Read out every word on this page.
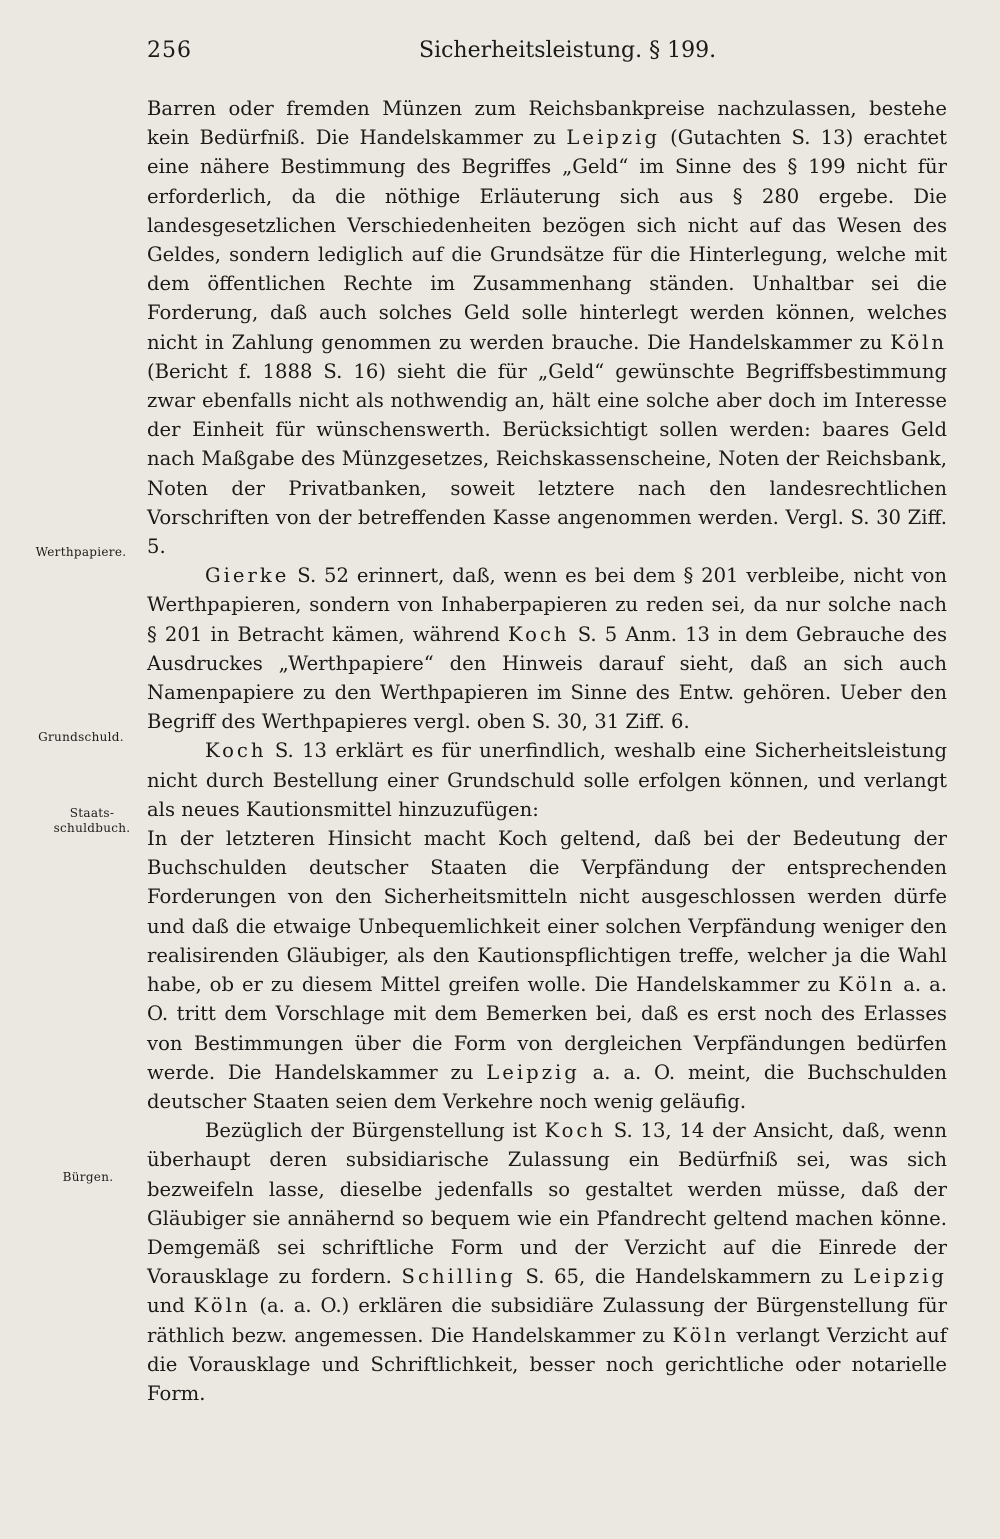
256	Sicherheitsleistung. § 199.
Werthpapiere.
Grundschuld.
Staats-schuldbuch.
Bürgen.

Barren oder fremden Münzen zum Reichsbankpreise nachzulassen, bestehe kein Bedürfniß. Die Handelskammer zu Leipzig (Gutachten S. 13) erachtet eine nähere Bestimmung des Begriffes „Geld“ im Sinne des § 199 nicht für erforderlich, da die nöthige Erläuterung sich aus § 280 ergebe. Die landesgesetzlichen Verschiedenheiten bezögen sich nicht auf das Wesen des Geldes, sondern lediglich auf die Grundsätze für die Hinterlegung, welche mit dem öffentlichen Rechte im Zusammenhang ständen. Unhaltbar sei die Forderung, daß auch solches Geld solle hinterlegt werden können, welches nicht in Zahlung genommen zu werden brauche. Die Handelskammer zu Köln (Bericht f. 1888 S. 16) sieht die für „Geld“ gewünschte Begriffsbestimmung zwar ebenfalls nicht als nothwendig an, hält eine solche aber doch im Interesse der Einheit für wünschenswerth. Berücksichtigt sollen werden: baares Geld nach Maßgabe des Münzgesetzes, Reichskassenscheine, Noten der Reichsbank, Noten der Privatbanken, soweit letztere nach den landesrechtlichen Vorschriften von der betreffenden Kasse angenommen werden. Vergl. S. 30 Ziff. 5.

Gierke S. 52 erinnert, daß, wenn es bei dem § 201 verbleibe, nicht von Werthpapieren, sondern von Inhaberpapieren zu reden sei, da nur solche nach § 201 in Betracht kämen, während Koch S. 5 Anm. 13 in dem Gebrauche des Ausdruckes „Werthpapiere“ den Hinweis darauf sieht, daß an sich auch Namenpapiere zu den Werthpapieren im Sinne des Entw. gehören. Ueber den Begriff des Werthpapieres vergl. oben S. 30, 31 Ziff. 6.

Koch S. 13 erklärt es für unerfindlich, weshalb eine Sicherheitsleistung nicht durch Bestellung einer Grundschuld solle erfolgen können, und verlangt als neues Kautionsmittel hinzuzufügen:

In der letzteren Hinsicht macht Koch geltend, daß bei der Bedeutung der Buchschulden deutscher Staaten die Verpfändung der entsprechenden Forderungen von den Sicherheitsmitteln nicht ausgeschlossen werden dürfe und daß die etwaige Unbequemlichkeit einer solchen Verpfändung weniger den realisirenden Gläubiger, als den Kautionspflichtigen treffe, welcher ja die Wahl habe, ob er zu diesem Mittel greifen wolle. Die Handelskammer zu Köln a. a. O. tritt dem Vorschlage mit dem Bemerken bei, daß es erst noch des Erlasses von Bestimmungen über die Form von dergleichen Verpfändungen bedürfen werde. Die Handelskammer zu Leipzig a. a. O. meint, die Buchschulden deutscher Staaten seien dem Verkehre noch wenig geläufig.

Bezüglich der Bürgenstellung ist Koch S. 13, 14 der Ansicht, daß, wenn überhaupt deren subsidiarische Zulassung ein Bedürfniß sei, was sich bezweifeln lasse, dieselbe jedenfalls so gestaltet werden müsse, daß der Gläubiger sie annähernd so bequem wie ein Pfandrecht geltend machen könne. Demgemäß sei schriftliche Form und der Verzicht auf die Einrede der Vorausklage zu fordern. Schilling S. 65, die Handelskammern zu Leipzig und Köln (a. a. O.) erklären die subsidiäre Zulassung der Bürgenstellung für räthlich bezw. angemessen. Die Handelskammer zu Köln verlangt Verzicht auf die Vorausklage und Schriftlichkeit, besser noch gerichtliche oder notarielle Form.
